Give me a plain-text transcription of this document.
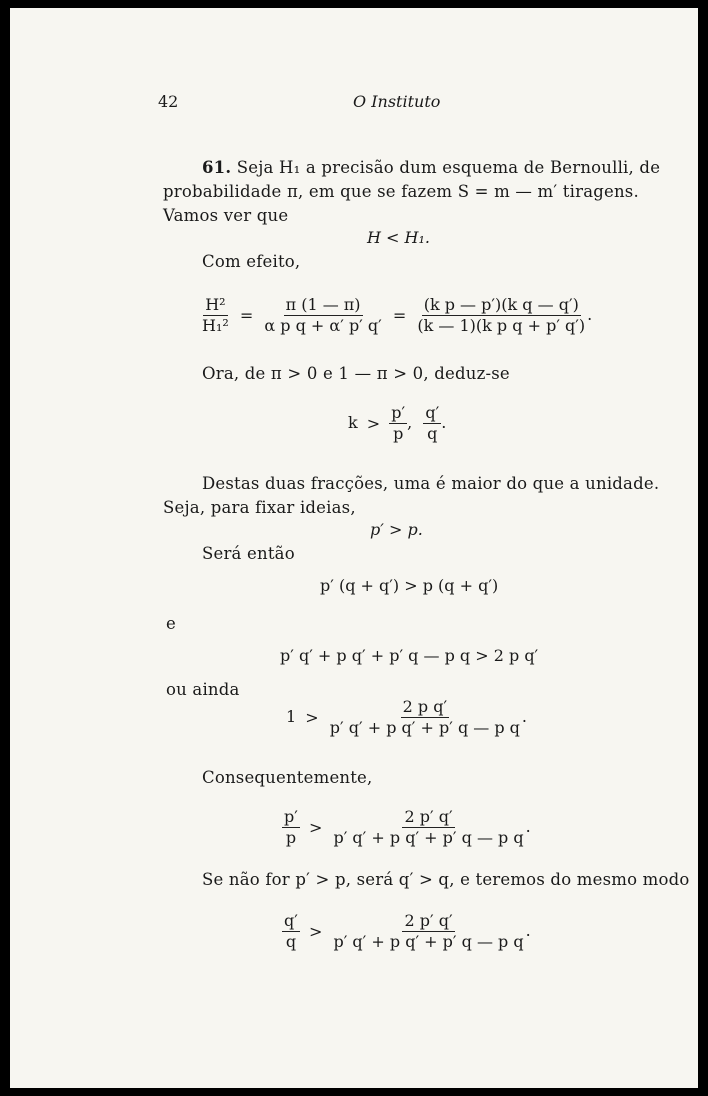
42	O Instituto
61. Seja H₁ a precisão dum esquema de Bernoulli, de
probabilidade π, em que se fazem S = m — m′ tiragens.
Vamos ver que
H < H₁.
Com efeito,
$\frac{\text{H²}}{\text{H₁²}} = \frac{\pi (1 — \pi)}{\text{α p q + α′ p′ q′}} = \frac{\text{(k p — p′)(k q — q′)}}{\text{(k — 1)(k p q + p′ q′)}}$ .
Ora, de π > 0 e 1 — π > 0, deduz-se
$k > \frac{p'}{p}$ , $\frac{q'}{q}$ .
Destas duas fracções, uma é maior do que a unidade.
Seja, para fixar ideias,
p′ > p.
Será então
p′ (q + q′) > p (q + q′)
e
p′ q′ + p q′ + p′ q — p q > 2 p q′
ou ainda
$1 > \frac{\text{2 p q′}}{\text{p′ q′ + p q′ + p′ q — p q}}$ .
Consequentemente,
$\frac{p'}{p} > \frac{2 p' q'}{\text{p′ q′ + p q′ + p′ q — p q}}$ .
Se não for p′ > p, será q′ > q, e teremos do mesmo modo
$\frac{q'}{q} > \frac{2 p' q'}{\text{p′ q′ + p q′ + p′ q — p q}}$ .
